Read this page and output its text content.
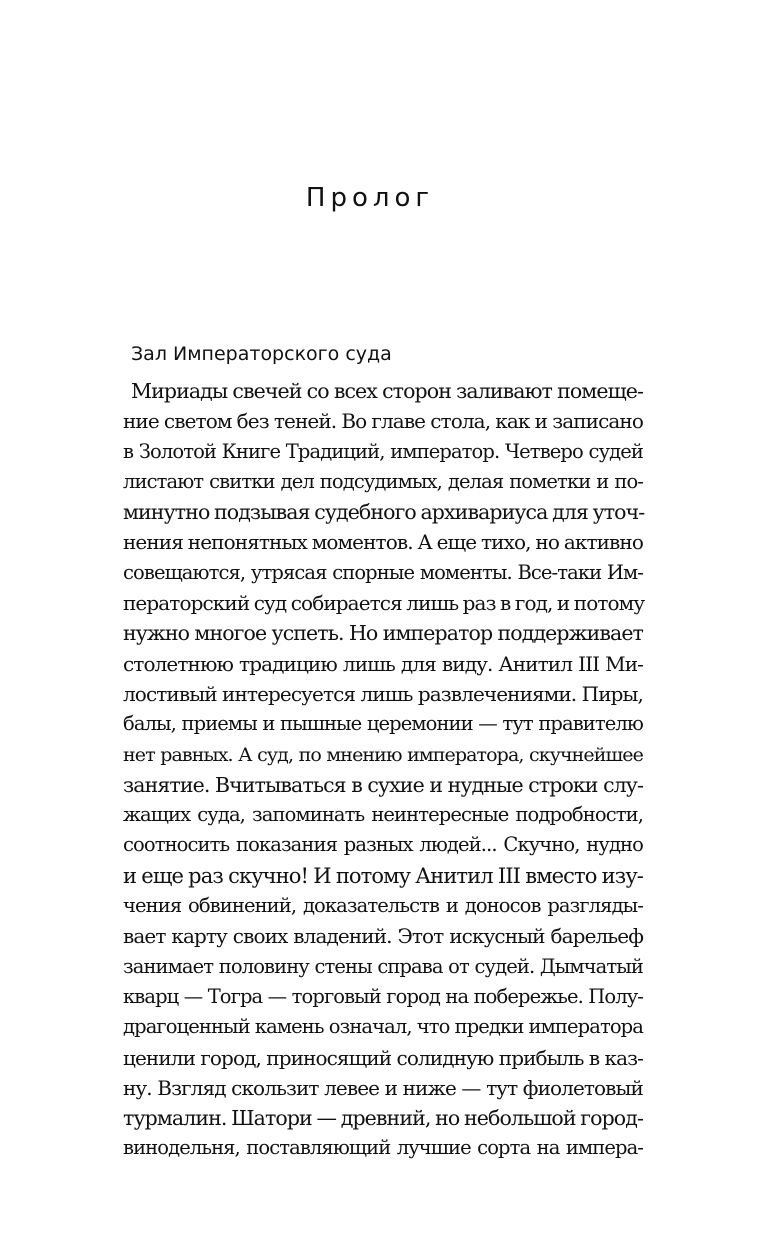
Пролог
Зал Императорского суда
Мириады свечей со всех сторон заливают помеще-
ние светом без теней. Во главе стола, как и записано
в Золотой Книге Традиций, император. Четверо судей
листают свитки дел подсудимых, делая пометки и по-
минутно подзывая судебного архивариуса для уточ-
нения непонятных моментов. А еще тихо, но активно
совещаются, утрясая спорные моменты. Все-таки Им-
ператорский суд собирается лишь раз в год, и потому
нужно многое успеть. Но император поддерживает
столетнюю традицию лишь для виду. Анитил III Ми-
лостивый интересуется лишь развлечениями. Пиры,
балы, приемы и пышные церемонии — тут правителю
нет равных. А суд, по мнению императора, скучнейшее
занятие. Вчитываться в сухие и нудные строки слу-
жащих суда, запоминать неинтересные подробности,
соотносить показания разных людей... Скучно, нудно
и еще раз скучно! И потому Анитил III вместо изу-
чения обвинений, доказательств и доносов разгляды-
вает карту своих владений. Этот искусный барельеф
занимает половину стены справа от судей. Дымчатый
кварц — Тогра — торговый город на побережье. Полу-
драгоценный камень означал, что предки императора
ценили город, приносящий солидную прибыль в каз-
ну. Взгляд скользит левее и ниже — тут фиолетовый
турмалин. Шатори — древний, но небольшой город-
винодельня, поставляющий лучшие сорта на импера-
